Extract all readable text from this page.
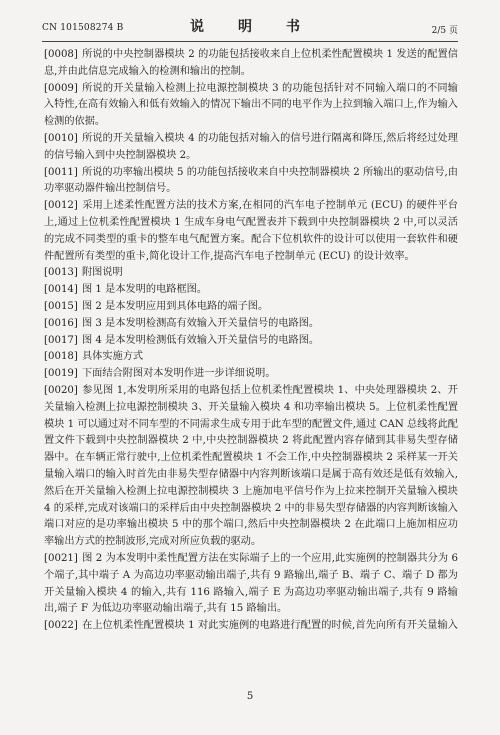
CN 101508274 B	说　明　书	2/5 页

[0008] 所说的中央控制器模块 2 的功能包括接收来自上位机柔性配置模块 1 发送的配置信息,并由此信息完成输入的检测和输出的控制。

[0009] 所说的开关量输入检测上拉电源控制模块 3 的功能包括针对不同输入端口的不同输入特性,在高有效输入和低有效输入的情况下输出不同的电平作为上拉到输入端口上,作为输入检测的依据。

[0010] 所说的开关量输入模块 4 的功能包括对输入的信号进行隔离和降压,然后将经过处理的信号输入到中央控制器模块 2。

[0011] 所说的功率输出模块 5 的功能包括接收来自中央控制器模块 2 所输出的驱动信号,由功率驱动器件输出控制信号。

[0012] 采用上述柔性配置方法的技术方案,在相同的汽车电子控制单元 (ECU) 的硬件平台上,通过上位机柔性配置模块 1 生成车身电气配置表并下载到中央控制器模块 2 中,可以灵活的完成不同类型的重卡的整车电气配置方案。配合下位机软件的设计可以使用一套软件和硬件配置所有类型的重卡,简化设计工作,提高汽车电子控制单元 (ECU) 的设计效率。

[0013] 附图说明

[0014] 图 1 是本发明的电路框图。

[0015] 图 2 是本发明应用到具体电路的端子图。

[0016] 图 3 是本发明检测高有效输入开关量信号的电路图。

[0017] 图 4 是本发明检测低有效输入开关量信号的电路图。

[0018] 具体实施方式

[0019] 下面结合附图对本发明作进一步详细说明。

[0020] 参见图 1,本发明所采用的电路包括上位机柔性配置模块 1、中央处理器模块 2、开关量输入检测上拉电源控制模块 3、开关量输入模块 4 和功率输出模块 5。上位机柔性配置模块 1 可以通过对不同车型的不同需求生成专用于此车型的配置文件,通过 CAN 总线将此配置文件下载到中央控制器模块 2 中,中央控制器模块 2 将此配置内容存储到其非易失型存储器中。在车辆正常行驶中,上位机柔性配置模块 1 不会工作,中央控制器模块 2 采样某一开关量输入端口的输入时首先由非易失型存储器中内容判断该端口是属于高有效还是低有效输入,然后在开关量输入检测上拉电源控制模块 3 上施加电平信号作为上拉来控制开关量输入模块 4 的采样,完成对该端口的采样后由中央控制器模块 2 中的非易失型存储器的内容判断该输入端口对应的是功率输出模块 5 中的那个端口,然后中央控制器模块 2 在此端口上施加相应功率输出方式的控制波形,完成对所应负载的驱动。

[0021] 图 2 为本发明中柔性配置方法在实际端子上的一个应用,此实施例的控制器共分为 6 个端子,其中端子 A 为高边功率驱动输出端子,共有 9 路输出,端子 B、端子 C、端子 D 都为开关量输入模块 4 的输入,共有 116 路输入,端子 E 为高边功率驱动输出端子,共有 9 路输出,端子 F 为低边功率驱动输出端子,共有 15 路输出。

[0022] 在上位机柔性配置模块 1 对此实施例的电路进行配置的时候,首先向所有开关量输入

5
